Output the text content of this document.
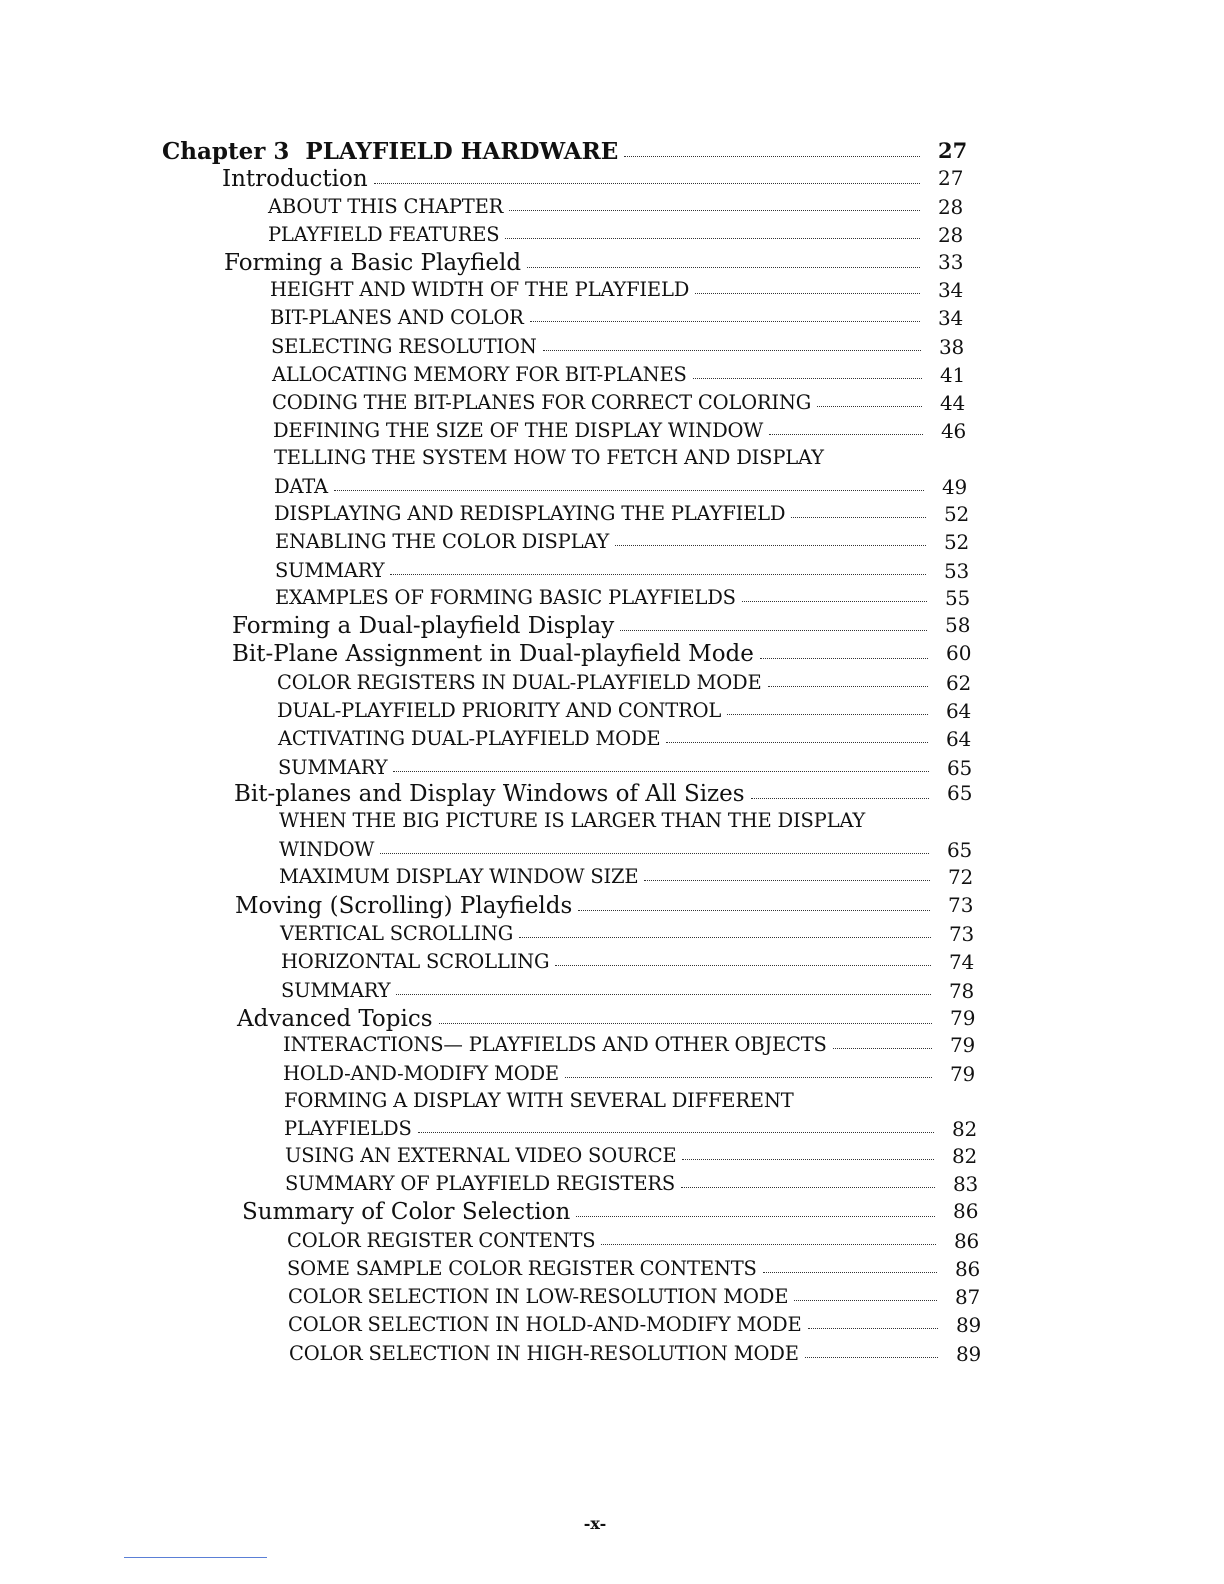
Chapter 3 PLAYFIELD HARDWARE	27
Introduction	27
ABOUT THIS CHAPTER	28
PLAYFIELD FEATURES	28
Forming a Basic Playfield	33
HEIGHT AND WIDTH OF THE PLAYFIELD	34
BIT-PLANES AND COLOR	34
SELECTING RESOLUTION	38
ALLOCATING MEMORY FOR BIT-PLANES	41
CODING THE BIT-PLANES FOR CORRECT COLORING	44
DEFINING THE SIZE OF THE DISPLAY WINDOW	46
TELLING THE SYSTEM HOW TO FETCH AND DISPLAY
DATA	49
DISPLAYING AND REDISPLAYING THE PLAYFIELD	52
ENABLING THE COLOR DISPLAY	52
SUMMARY	53
EXAMPLES OF FORMING BASIC PLAYFIELDS	55
Forming a Dual-playfield Display	58
Bit-Plane Assignment in Dual-playfield Mode	60
COLOR REGISTERS IN DUAL-PLAYFIELD MODE	62
DUAL-PLAYFIELD PRIORITY AND CONTROL	64
ACTIVATING DUAL-PLAYFIELD MODE	64
SUMMARY	65
Bit-planes and Display Windows of All Sizes	65
WHEN THE BIG PICTURE IS LARGER THAN THE DISPLAY
WINDOW	65
MAXIMUM DISPLAY WINDOW SIZE	72
Moving (Scrolling) Playfields	73
VERTICAL SCROLLING	73
HORIZONTAL SCROLLING	74
SUMMARY	78
Advanced Topics	79
INTERACTIONS— PLAYFIELDS AND OTHER OBJECTS	79
HOLD-AND-MODIFY MODE	79
FORMING A DISPLAY WITH SEVERAL DIFFERENT
PLAYFIELDS	82
USING AN EXTERNAL VIDEO SOURCE	82
SUMMARY OF PLAYFIELD REGISTERS	83
Summary of Color Selection	86
COLOR REGISTER CONTENTS	86
SOME SAMPLE COLOR REGISTER CONTENTS	86
COLOR SELECTION IN LOW-RESOLUTION MODE	87
COLOR SELECTION IN HOLD-AND-MODIFY MODE	89
COLOR SELECTION IN HIGH-RESOLUTION MODE	89
-x-
